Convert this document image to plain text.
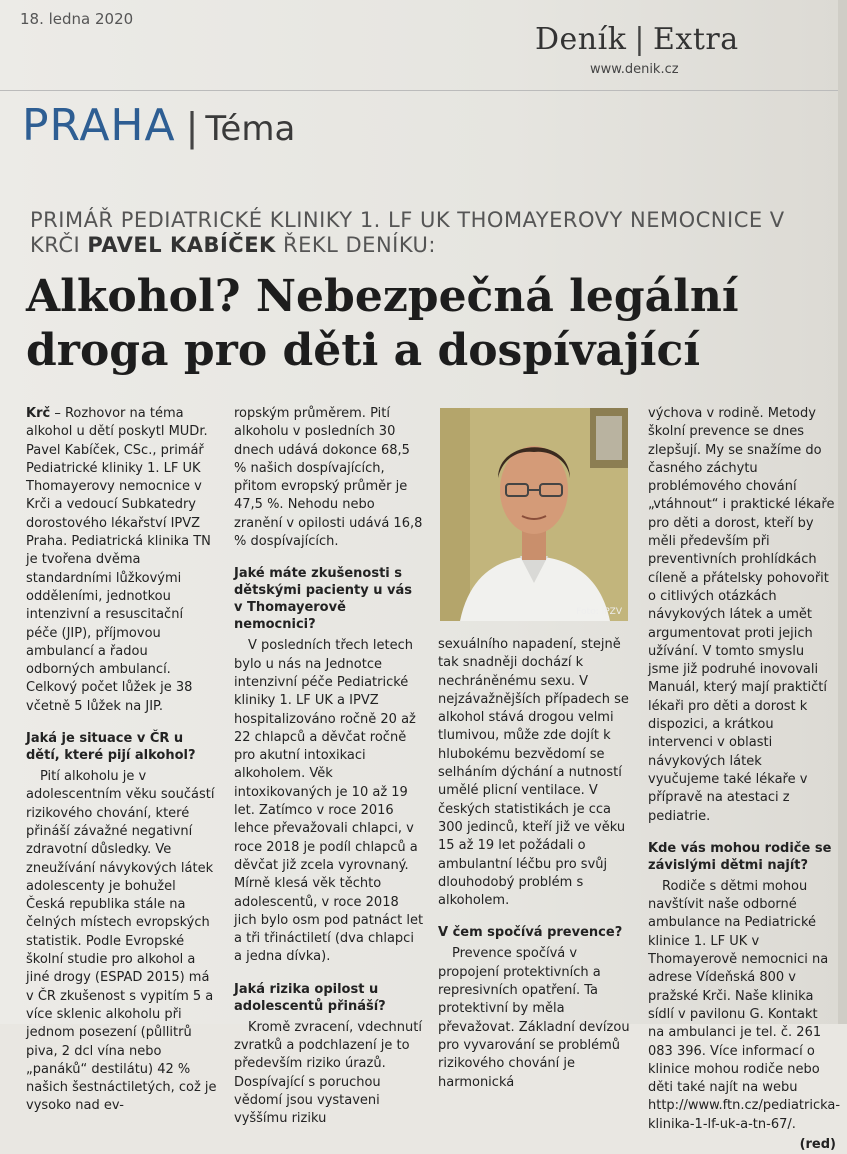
18. ledna 2020
Deník | Extra
www.denik.cz
PRAHA | Téma
PRIMÁŘ PEDIATRICKÉ KLINIKY 1. LF UK THOMAYEROVY NEMOCNICE V KRČI PAVEL KABÍČEK ŘEKL DENÍKU:
Alkohol? Nebezpečná legální droga pro děti a dospívající

Krč – Rozhovor na téma alkohol u dětí poskytl MUDr. Pavel Kabíček, CSc., primář Pediatrické kliniky 1. LF UK Thomayerovy nemocnice v Krči a vedoucí Subkatedry dorostového lékařství IPVZ Praha. Pediatrická klinika TN je tvořena dvěma standardními lůžkovými odděleními, jednotkou intenzivní a resuscitační péče (JIP), příjmovou ambulancí a řadou odborných ambulancí. Celkový počet lůžek je 38 včetně 5 lůžek na JIP.

Jaká je situace v ČR u dětí, které pijí alkohol?

Pití alkoholu je v adolescentním věku součástí rizikového chování, které přináší závažné negativní zdravotní důsledky. Ve zneužívání návykových látek adolescenty je bohužel Česká republika stále na čelných místech evropských statistik. Podle Evropské školní studie pro alkohol a jiné drogy (ESPAD 2015) má v ČR zkušenost s vypitím 5 a více sklenic alkoholu při jednom posezení (půllitrů piva, 2 dcl vína nebo „panáků“ destilátu) 42 % našich šestnáctiletých, což je vysoko nad ev-

ropským průměrem. Pití alkoholu v posledních 30 dnech udává dokonce 68,5 % našich dospívajících, přitom evropský průměr je 47,5 %. Nehodu nebo zranění v opilosti udává 16,8 % dospívajících.

Jaké máte zkušenosti s dětskými pacienty u vás v Thomayerově nemocnici?

V posledních třech letech bylo u nás na Jednotce intenzivní péče Pediatrické kliniky 1. LF UK a IPVZ hospitalizováno ročně 20 až 22 chlapců a děvčat ročně pro akutní intoxikaci alkoholem. Věk intoxikovaných je 10 až 19 let. Zatímco v roce 2016 lehce převažovali chlapci, v roce 2018 je podíl chlapců a děvčat již zcela vyrovnaný. Mírně klesá věk těchto adolescentů, v roce 2018 jich bylo osm pod patnáct let a tři třináctiletí (dva chlapci a jedna dívka).

Jaká rizika opilost u adolescentů přináší?

Kromě zvracení, vdechnutí zvratků a podchlazení je to především riziko úrazů. Dospívající s poruchou vědomí jsou vystaveni vyššímu riziku

Foto: IPZV

sexuálního napadení, stejně tak snadněji dochází k nechráněnému sexu. V nejzávažnějších případech se alkohol stává drogou velmi tlumivou, může zde dojít k hlubokému bezvědomí se selháním dýchání a nutností umělé plicní ventilace. V českých statistikách je cca 300 jedinců, kteří již ve věku 15 až 19 let požádali o ambulantní léčbu pro svůj dlouhodobý problém s alkoholem.

V čem spočívá prevence?

Prevence spočívá v propojení protektivních a represivních opatření. Ta protektivní by měla převažovat. Základní devízou pro vyvarování se problémů rizikového chování je harmonická

výchova v rodině. Metody školní prevence se dnes zlepšují. My se snažíme do časného záchytu problémového chování „vtáhnout“ i praktické lékaře pro děti a dorost, kteří by měli především při preventivních prohlídkách cíleně a přátelsky pohovořit o citlivých otázkách návykových látek a umět argumentovat proti jejich užívání. V tomto smyslu jsme již podruhé inovovali Manuál, který mají praktičtí lékaři pro děti a dorost k dispozici, a krátkou intervenci v oblasti návykových látek vyučujeme také lékaře v přípravě na atestaci z pediatrie.

Kde vás mohou rodiče se závislými dětmi najít?

Rodiče s dětmi mohou navštívit naše odborné ambulance na Pediatrické klinice 1. LF UK v Thomayerově nemocnici na adrese Vídeňská 800 v pražské Krči. Naše klinika sídlí v pavilonu G. Kontakt na ambulanci je tel. č. 261 083 396. Více informací o klinice mohou rodiče nebo děti také najít na webu http://www.ftn.cz/pediatricka-klinika-1-lf-uk-a-tn-67/.

(red)
